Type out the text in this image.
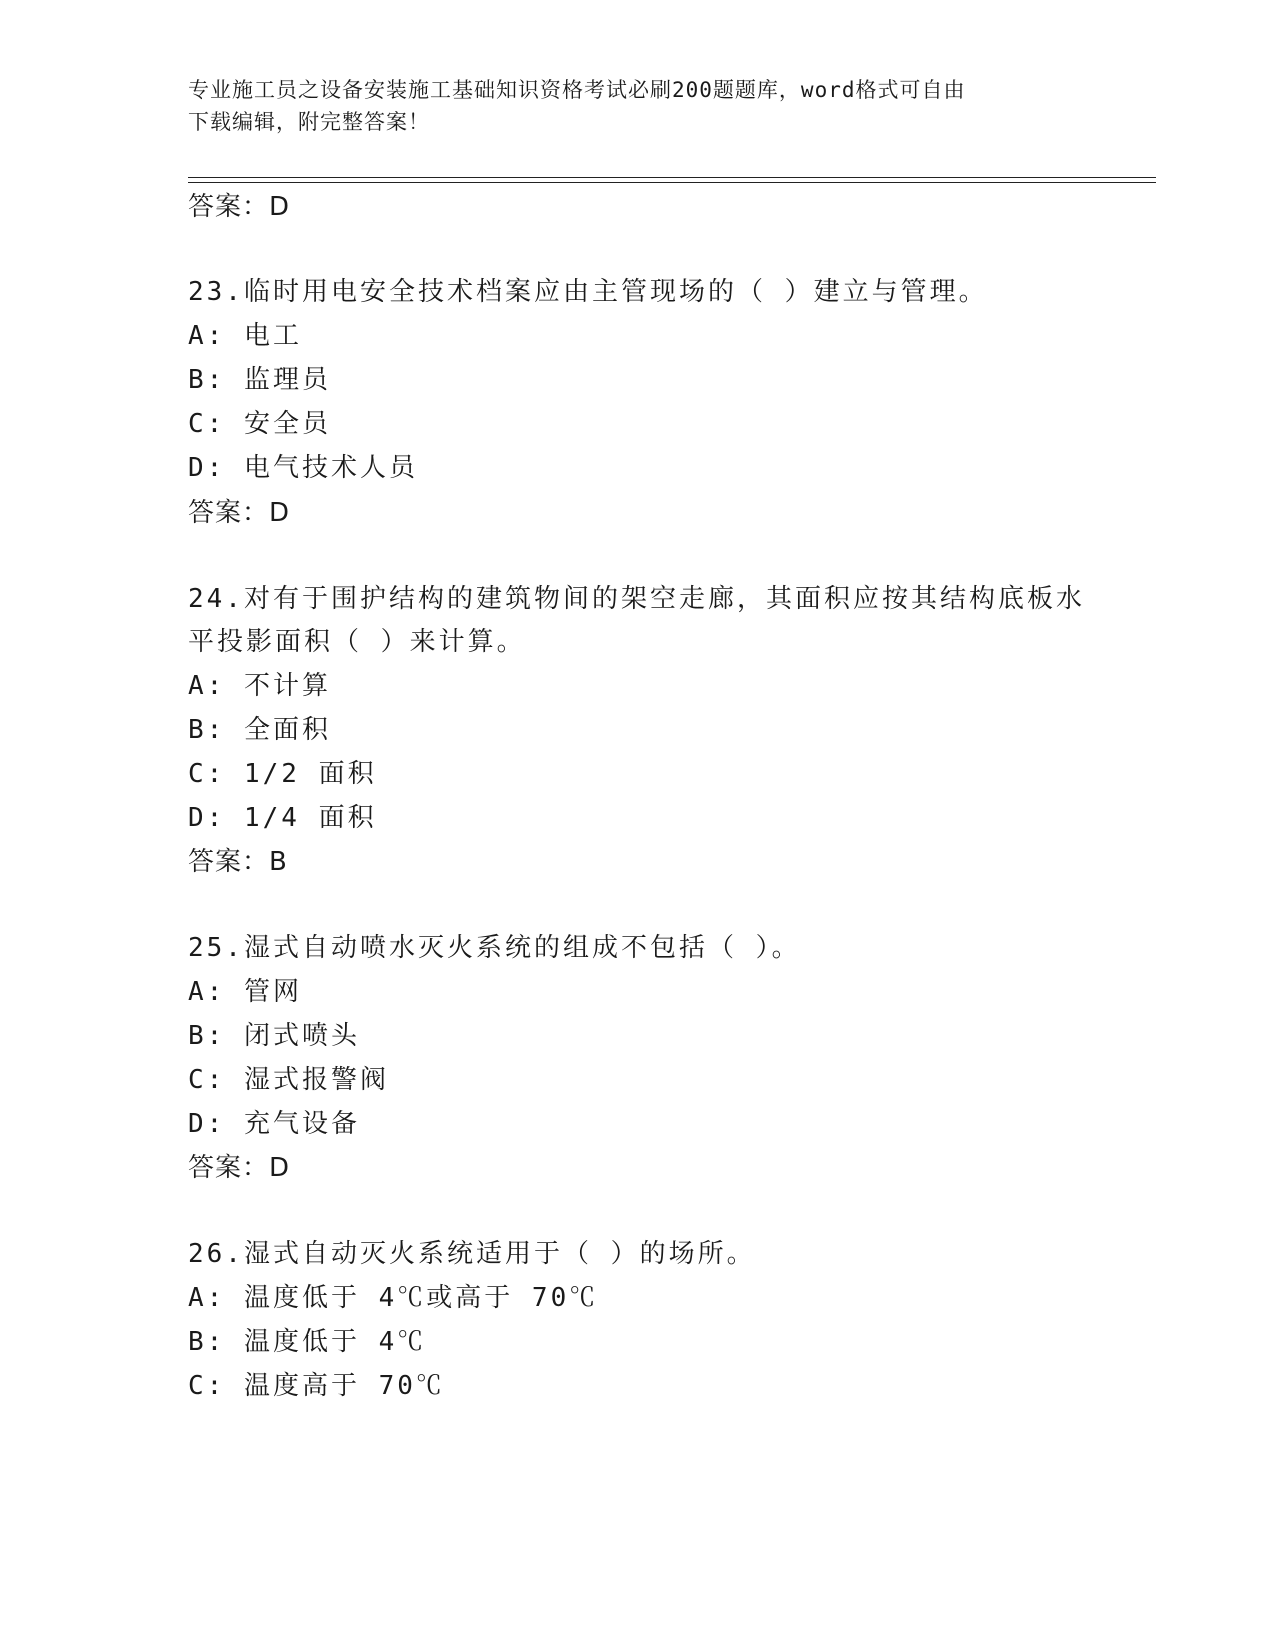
专业施工员之设备安装施工基础知识资格考试必刷200题题库，word格式可自由
下载编辑，附完整答案！
答案：D
23.临时用电安全技术档案应由主管现场的（ ）建立与管理。
A: 电工
B: 监理员
C: 安全员
D: 电气技术人员
答案：D
24.对有于围护结构的建筑物间的架空走廊，其面积应按其结构底板水
平投影面积（ ）来计算。
A: 不计算
B: 全面积
C: 1/2 面积
D: 1/4 面积
答案：B
25.湿式自动喷水灭火系统的组成不包括（ ）。
A: 管网
B: 闭式喷头
C: 湿式报警阀
D: 充气设备
答案：D
26.湿式自动灭火系统适用于（ ）的场所。
A: 温度低于 4℃或高于 70℃
B: 温度低于 4℃
C: 温度高于 70℃
